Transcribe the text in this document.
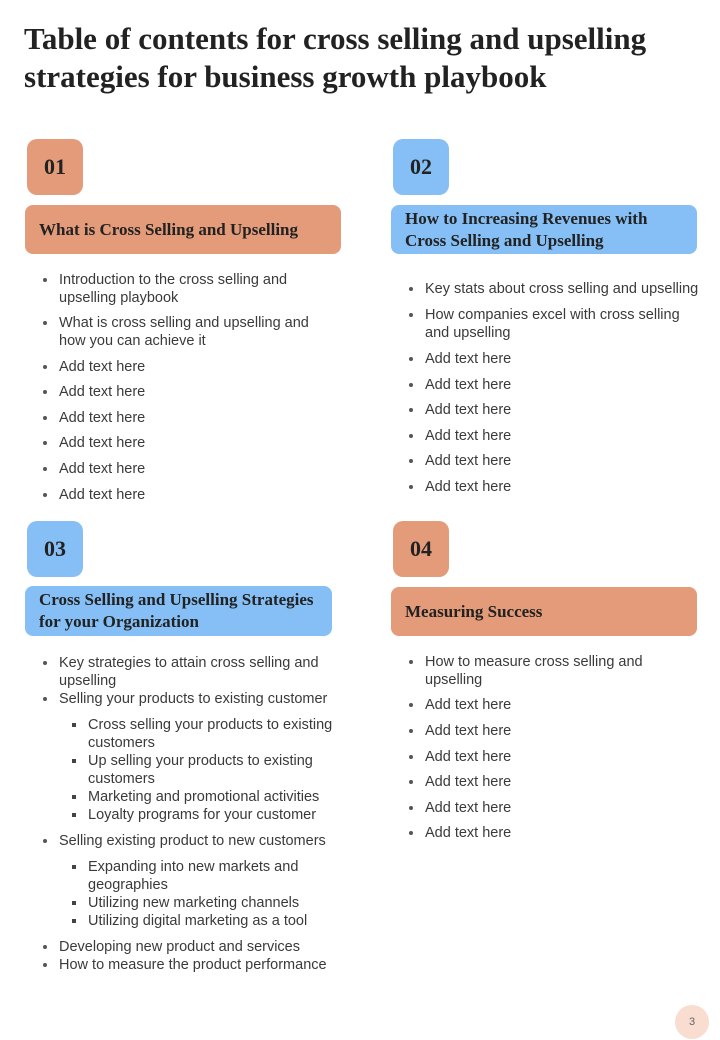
Table of contents for cross selling and upselling strategies for business growth playbook
01
What is Cross Selling and Upselling
Introduction to the cross selling and upselling playbook
What is cross selling and upselling and how you can achieve it
Add text here
Add text here
Add text here
Add text here
Add text here
Add text here
02
How to Increasing Revenues with Cross Selling and Upselling
Key stats about cross selling and upselling
How companies excel with cross selling and upselling
Add text here
Add text here
Add text here
Add text here
Add text here
Add text here
03
Cross Selling and Upselling Strategies for your Organization
Key strategies to attain cross selling and upselling
Selling your products to existing customer
Cross selling your products to existing customers
Up selling your products to existing customers
Marketing and promotional activities
Loyalty programs for your customer
Selling existing product to new customers
Expanding into new markets and geographies
Utilizing new marketing channels
Utilizing digital marketing as a tool
Developing new product and services
How to measure the product performance
04
Measuring Success
How to measure cross selling and upselling
Add text here
Add text here
Add text here
Add text here
Add text here
Add text here
3
